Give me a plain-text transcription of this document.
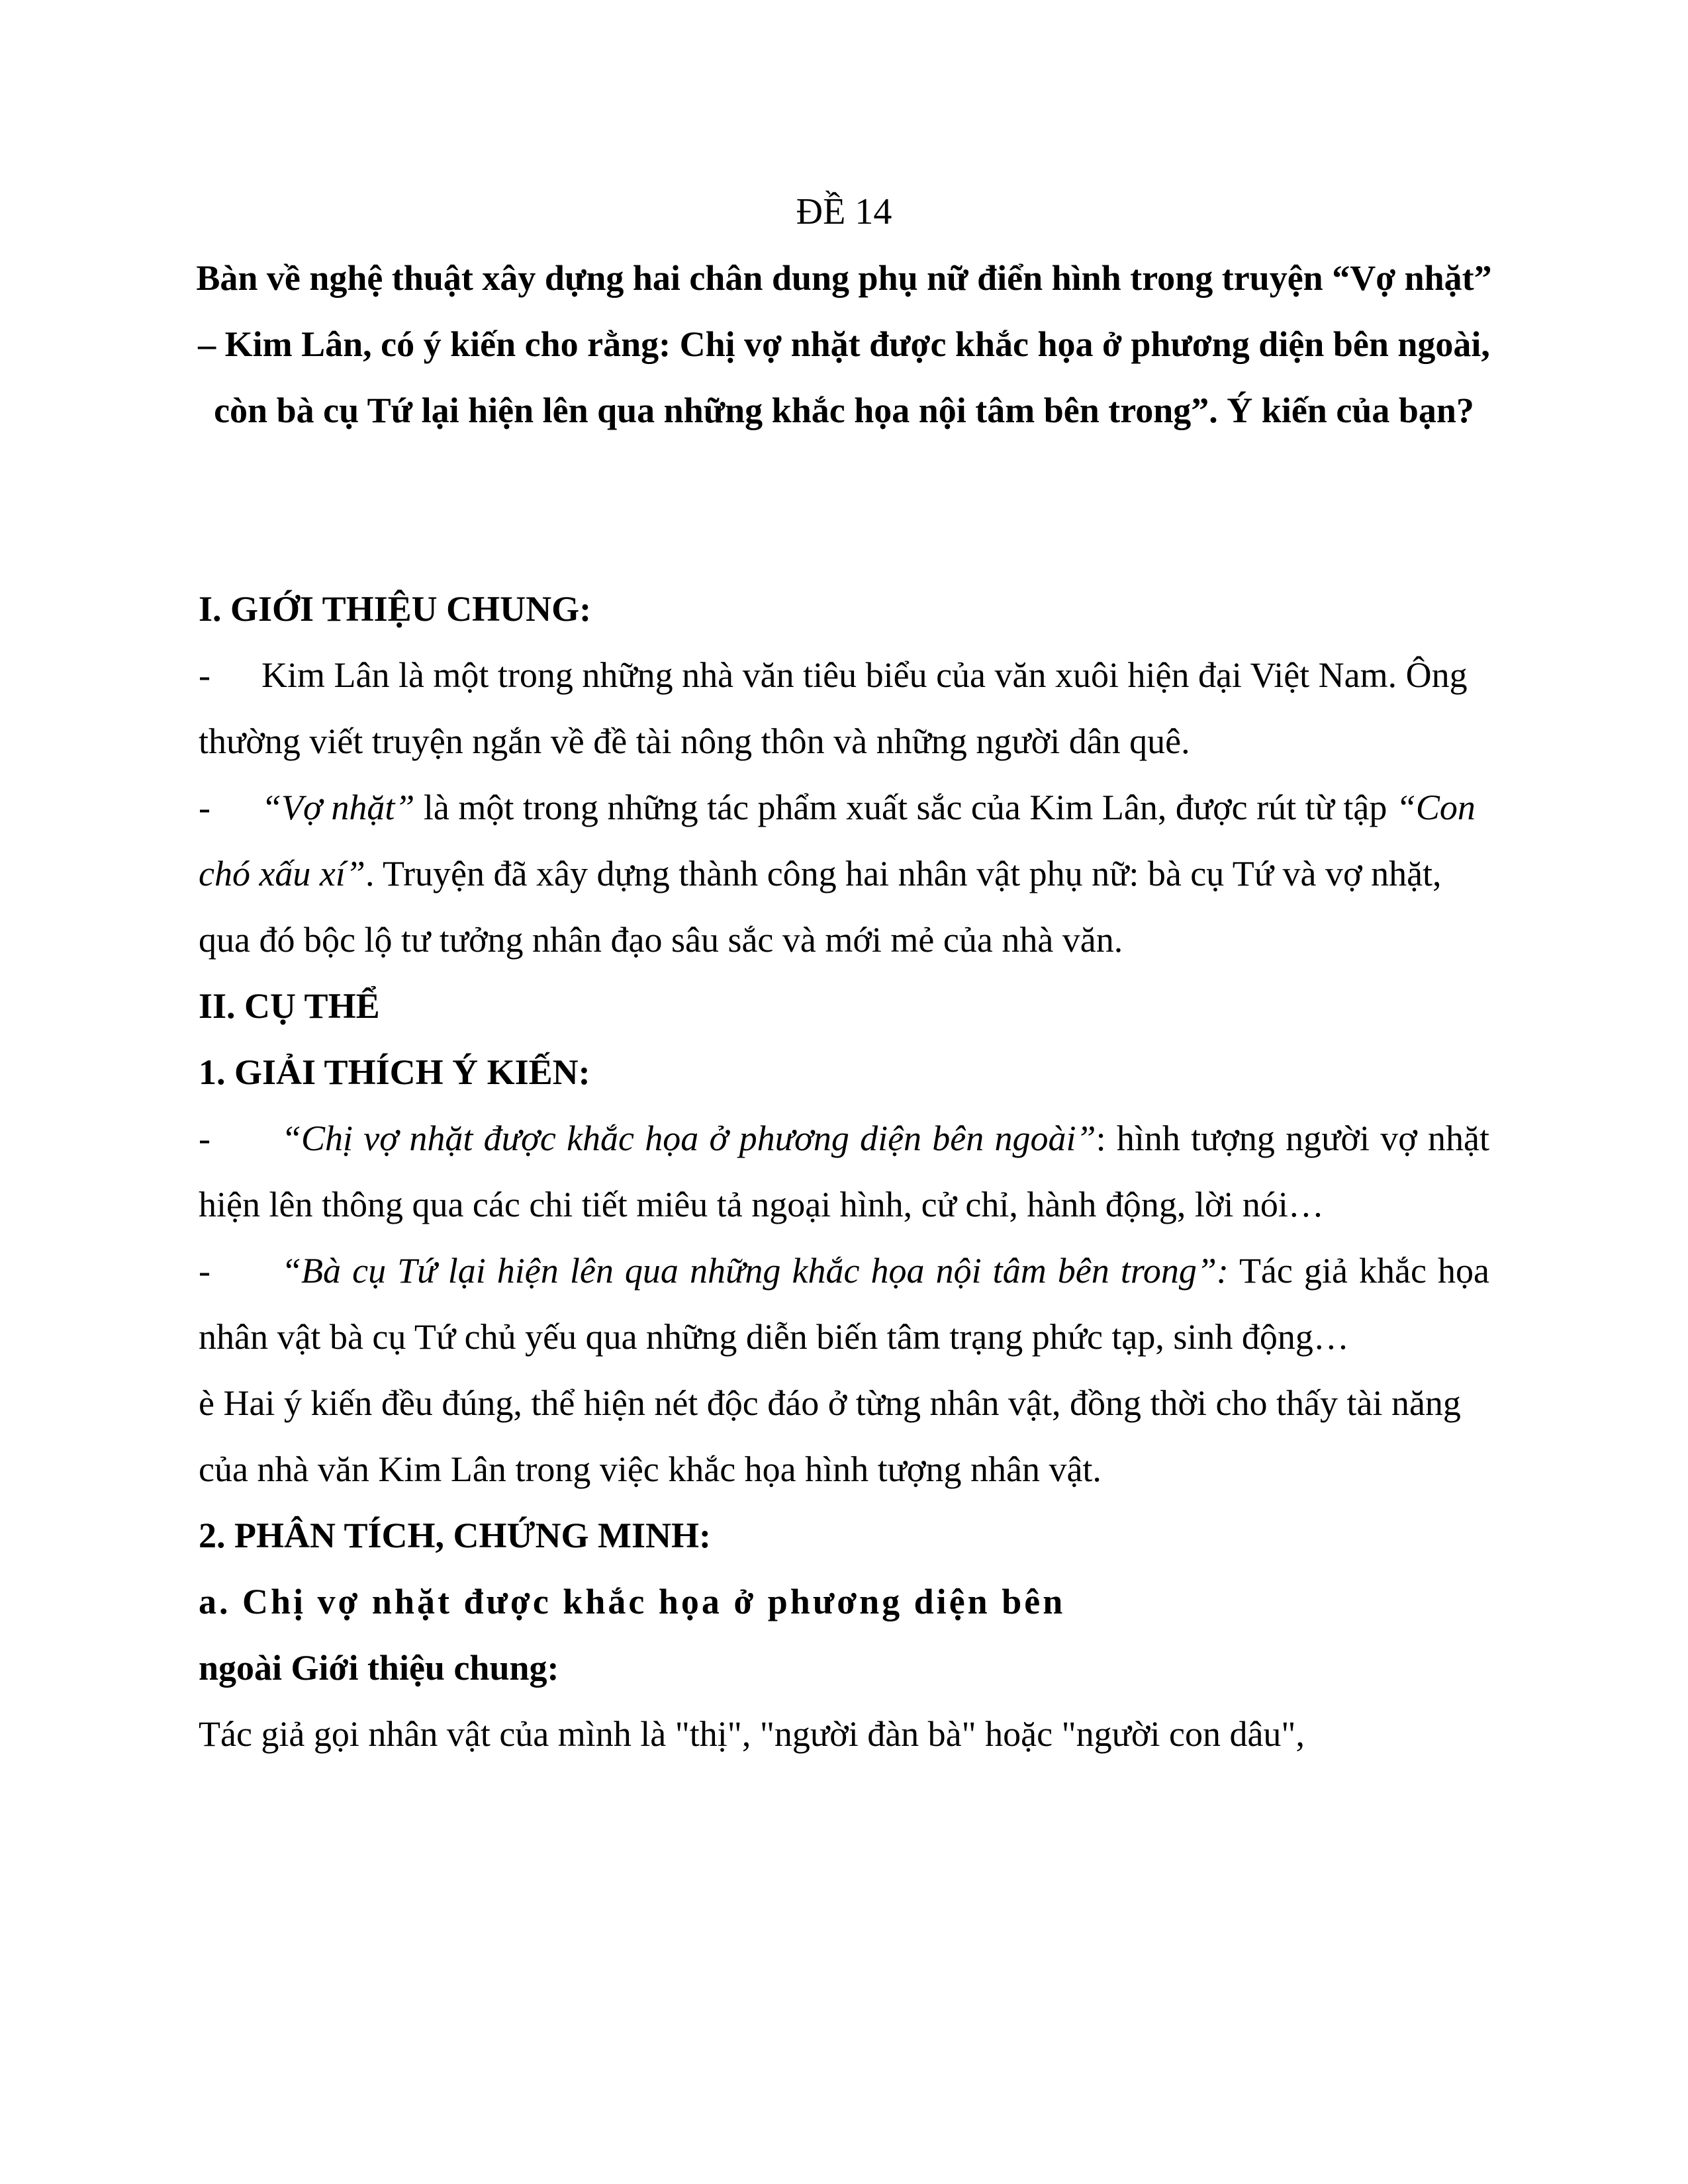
ĐỀ 14

Bàn về nghệ thuật xây dựng hai chân dung phụ nữ điển hình trong truyện “Vợ nhặt” – Kim Lân, có ý kiến cho rằng: Chị vợ nhặt được khắc họa ở phương diện bên ngoài, còn bà cụ Tứ lại hiện lên qua những khắc họa nội tâm bên trong”. Ý kiến của bạn?

I. GIỚI THIỆU CHUNG:

- Kim Lân là một trong những nhà văn tiêu biểu của văn xuôi hiện đại Việt Nam. Ông thường viết truyện ngắn về đề tài nông thôn và những người dân quê.

- “Vợ nhặt” là một trong những tác phẩm xuất sắc của Kim Lân, được rút từ tập “Con chó xấu xí”. Truyện đã xây dựng thành công hai nhân vật phụ nữ: bà cụ Tứ và vợ nhặt, qua đó bộc lộ tư tưởng nhân đạo sâu sắc và mới mẻ của nhà văn.

II. CỤ THỂ

1. GIẢI THÍCH Ý KIẾN:

- “Chị vợ nhặt được khắc họa ở phương diện bên ngoài”: hình tượng người vợ nhặt hiện lên thông qua các chi tiết miêu tả ngoại hình, cử chỉ, hành động, lời nói…

- “Bà cụ Tứ lại hiện lên qua những khắc họa nội tâm bên trong”: Tác giả khắc họa nhân vật bà cụ Tứ chủ yếu qua những diễn biến tâm trạng phức tạp, sinh động…

è Hai ý kiến đều đúng, thể hiện nét độc đáo ở từng nhân vật, đồng thời cho thấy tài năng của nhà văn Kim Lân trong việc khắc họa hình tượng nhân vật.

2. PHÂN TÍCH, CHỨNG MINH:

a. Chị vợ nhặt được khắc họa ở phương diện bên

ngoài Giới thiệu chung:

Tác giả gọi nhân vật của mình là "thị", "người đàn bà" hoặc "người con dâu",
